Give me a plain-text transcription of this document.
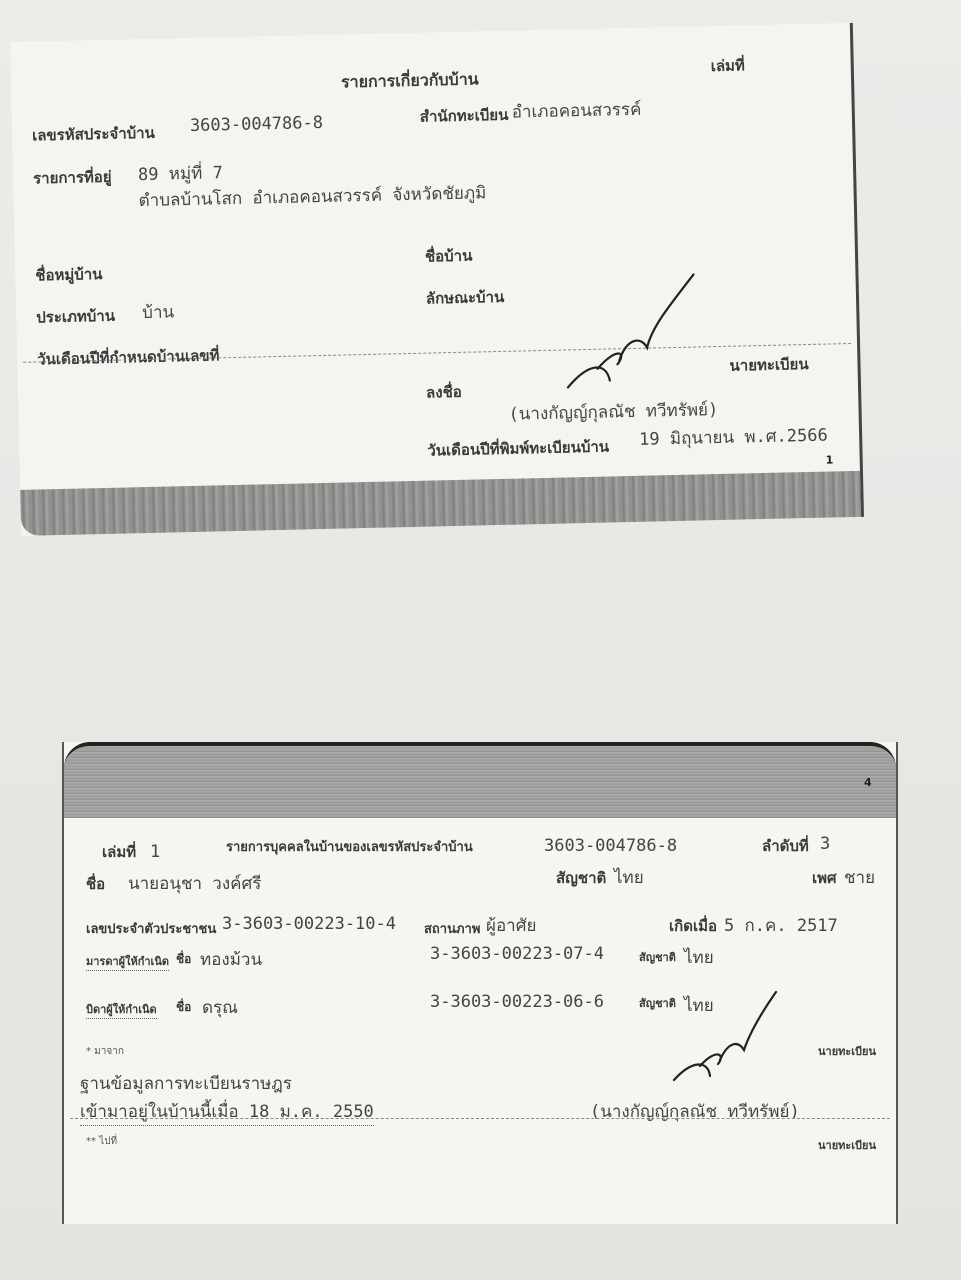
รายการเกี่ยวกับบ้าน
เล่มที่
เลขรหัสประจำบ้าน 3603-004786-8	สำนักทะเบียน อำเภอคอนสวรรค์
รายการที่อยู่ 89 หมู่ที่ 7
ตำบลบ้านโสก อำเภอคอนสวรรค์ จังหวัดชัยภูมิ
ชื่อหมู่บ้าน
ชื่อบ้าน
ประเภทบ้าน บ้าน
ลักษณะบ้าน
วันเดือนปีที่กำหนดบ้านเลขที่
ลงชื่อ
นายทะเบียน
(นางกัญญ์กุลณัช ทวีทรัพย์)
วันเดือนปีที่พิมพ์ทะเบียนบ้าน 19 มิถุนายน พ.ศ.2566
1
4
เล่มที่ 1	รายการบุคคลในบ้านของเลขรหัสประจำบ้าน	3603-004786-8	ลำดับที่ 3
ชื่อ นายอนุชา วงค์ศรี	สัญชาติ ไทย	เพศ ชาย
เลขประจำตัวประชาชน 3-3603-00223-10-4 สถานภาพ ผู้อาศัย	เกิดเมื่อ 5 ก.ค. 2517
มารดาผู้ให้กำเนิด ชื่อ ทองม้วน	3-3603-00223-07-4	สัญชาติ ไทย
บิดาผู้ให้กำเนิด ชื่อ ดรุณ	3-3603-00223-06-6	สัญชาติ ไทย
* มาจาก	นายทะเบียน
ฐานข้อมูลการทะเบียนราษฎร
เข้ามาอยู่ในบ้านนี้เมื่อ 18 ม.ค. 2550	(นางกัญญ์กุลณัช ทวีทรัพย์)
** ไปที่	นายทะเบียน
